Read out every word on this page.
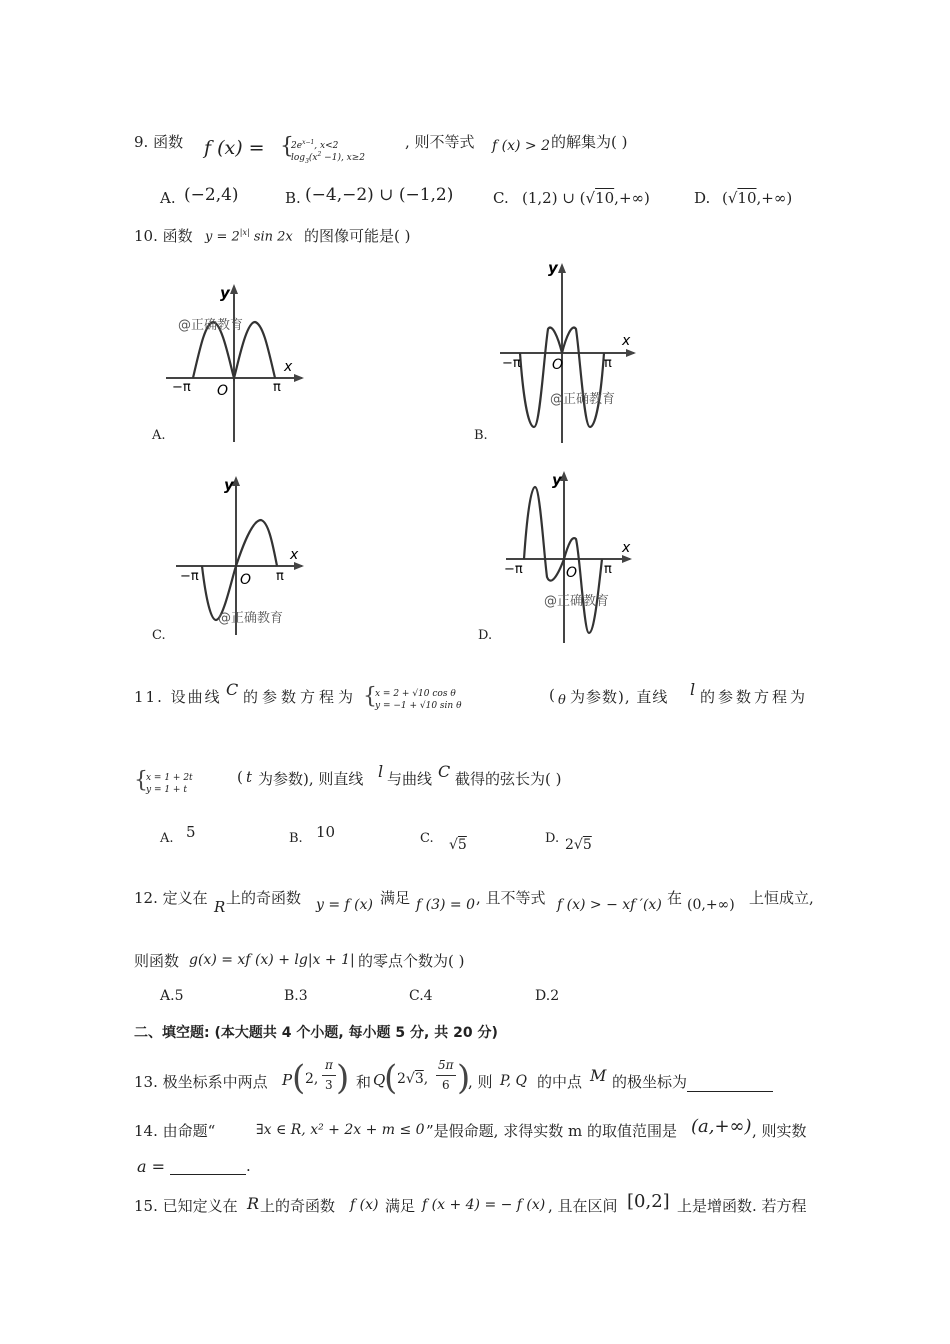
9. 函数 f (x) = {
$2e^{x-1}$, x<2
$\log_3(x^2 -1)$, x≥2
, 则不等式 f (x) > 2 的解集为( )
A. (−2,4)	B. (−4,−2) ∪ (−1,2)	C. (1,2) ∪ (√10,+∞)	D. (√10,+∞)
10. 函数 $y = 2^{|x|}$ sin 2x 的图像可能是( )
y
x
−π	π
O
@正确教育
A.
y
x
−π	π
O
@正确教育
B.
y
x
−π	π
O
@正确教育
C.
y
x
−π	π
O
@正确教育
D.
11. 设曲线 C 的参数方程为 {
x = 2 + √10 cos θ
y = −1 + √10 sin θ
( θ 为参数), 直线 l 的参数方程为
{
x = 1 + 2t
y = 1 + t
( t 为参数), 则直线 l 与曲线 C 截得的弦长为( )
A. 5	B. 10	C. √5	D. 2√5
12. 定义在 R 上的奇函数 y = f (x) 满足 f (3) = 0 , 且不等式 f (x) > − xf ′(x) 在 (0,+∞) 上恒成立,
则函数 g(x) = xf (x) + lg|x + 1| 的零点个数为( )
A.5	B.3	C.4	D.2
二、填空题: (本大题共 4 个小题, 每小题 5 分, 共 20 分)
13. 极坐标系中两点 P ( 2,
π
3 ) 和 Q
( 2√3,
5π
6 )
, 则 P, Q 的中点 M 的极坐标为
14. 由命题“	∃x ∈ R, x² + 2x + m ≤ 0 ”是假命题, 求得实数 m 的取值范围是 (a,+∞) , 则实数
a =	.
15. 已知定义在 R 上的奇函数 f (x) 满足 f (x + 4) = − f (x) , 且在区间 [0,2] 上是增函数. 若方程
